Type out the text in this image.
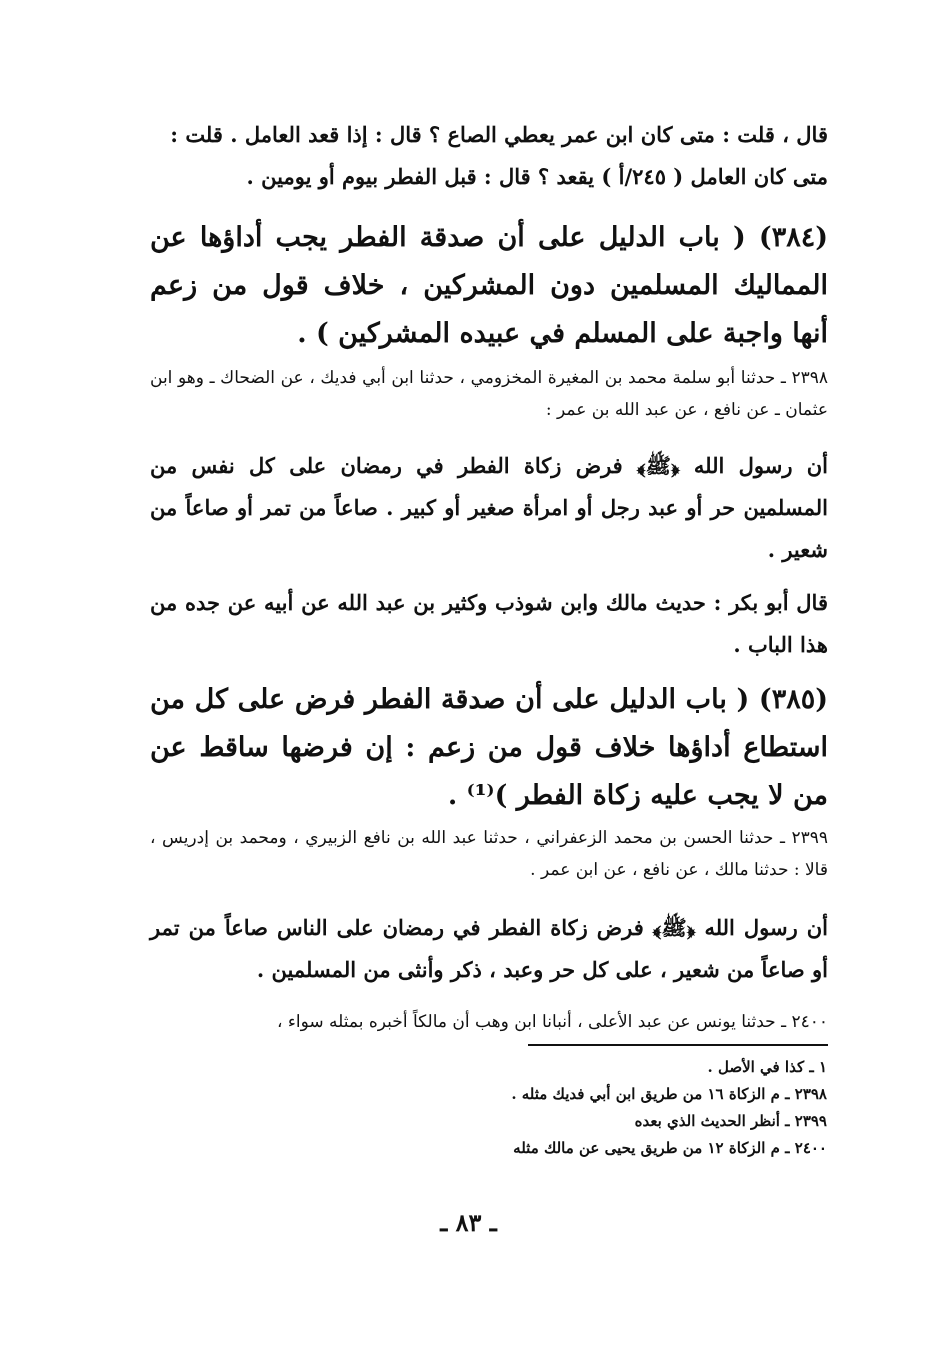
قال ، قلت : متى كان ابن عمر يعطي الصاع ؟ قال : إذا قعد العامل . قلت :

متى كان العامل ( ٢٤٥/أ ) يقعد ؟ قال : قبل الفطر بيوم أو يومين .

(٣٨٤) ( باب الدليل على أن صدقة الفطر يجب أداؤها عن المماليك المسلمين دون المشركين ، خلاف قول من زعم أنها واجبة على المسلم في عبيده المشركين ) .

٢٣٩٨ ـ حدثنا أبو سلمة محمد بن المغيرة المخزومي ، حدثنا ابن أبي فديك ، عن الضحاك ـ وهو ابن عثمان ـ عن نافع ، عن عبد الله بن عمر :

أن رسول الله ﴿ﷺ﴾ فرض زكاة الفطر في رمضان على كل نفس من المسلمين حر أو عبد رجل أو امرأة صغير أو كبير . صاعاً من تمر أو صاعاً من شعير .

قال أبو بكر : حديث مالك وابن شوذب وكثير بن عبد الله عن أبيه عن جده من هذا الباب .

(٣٨٥) ( باب الدليل على أن صدقة الفطر فرض على كل من استطاع أداؤها خلاف قول من زعم : إن فرضها ساقط عن من لا يجب عليه زكاة الفطر )⁽¹⁾ .

٢٣٩٩ ـ حدثنا الحسن بن محمد الزعفراني ، حدثنا عبد الله بن نافع الزبيري ، ومحمد بن إدريس ، قالا : حدثنا مالك ، عن نافع ، عن ابن عمر .

أن رسول الله ﴿ﷺ﴾ فرض زكاة الفطر في رمضان على الناس صاعاً من تمر أو صاعاً من شعير ، على كل حر وعبد ، ذكر وأنثى من المسلمين .

٢٤٠٠ ـ حدثنا يونس عن عبد الأعلى ، أنبانا ابن وهب أن مالكاً أخبره بمثله سواء ،

١ ـ كذا في الأصل .

٢٣٩٨ ـ م الزكاة ١٦ من طريق ابن أبي فديك مثله .

٢٣٩٩ ـ أنظر الحديث الذي بعده

٢٤٠٠ ـ م الزكاة ١٢ من طريق يحيى عن مالك مثله

ـ ٨٣ ـ
